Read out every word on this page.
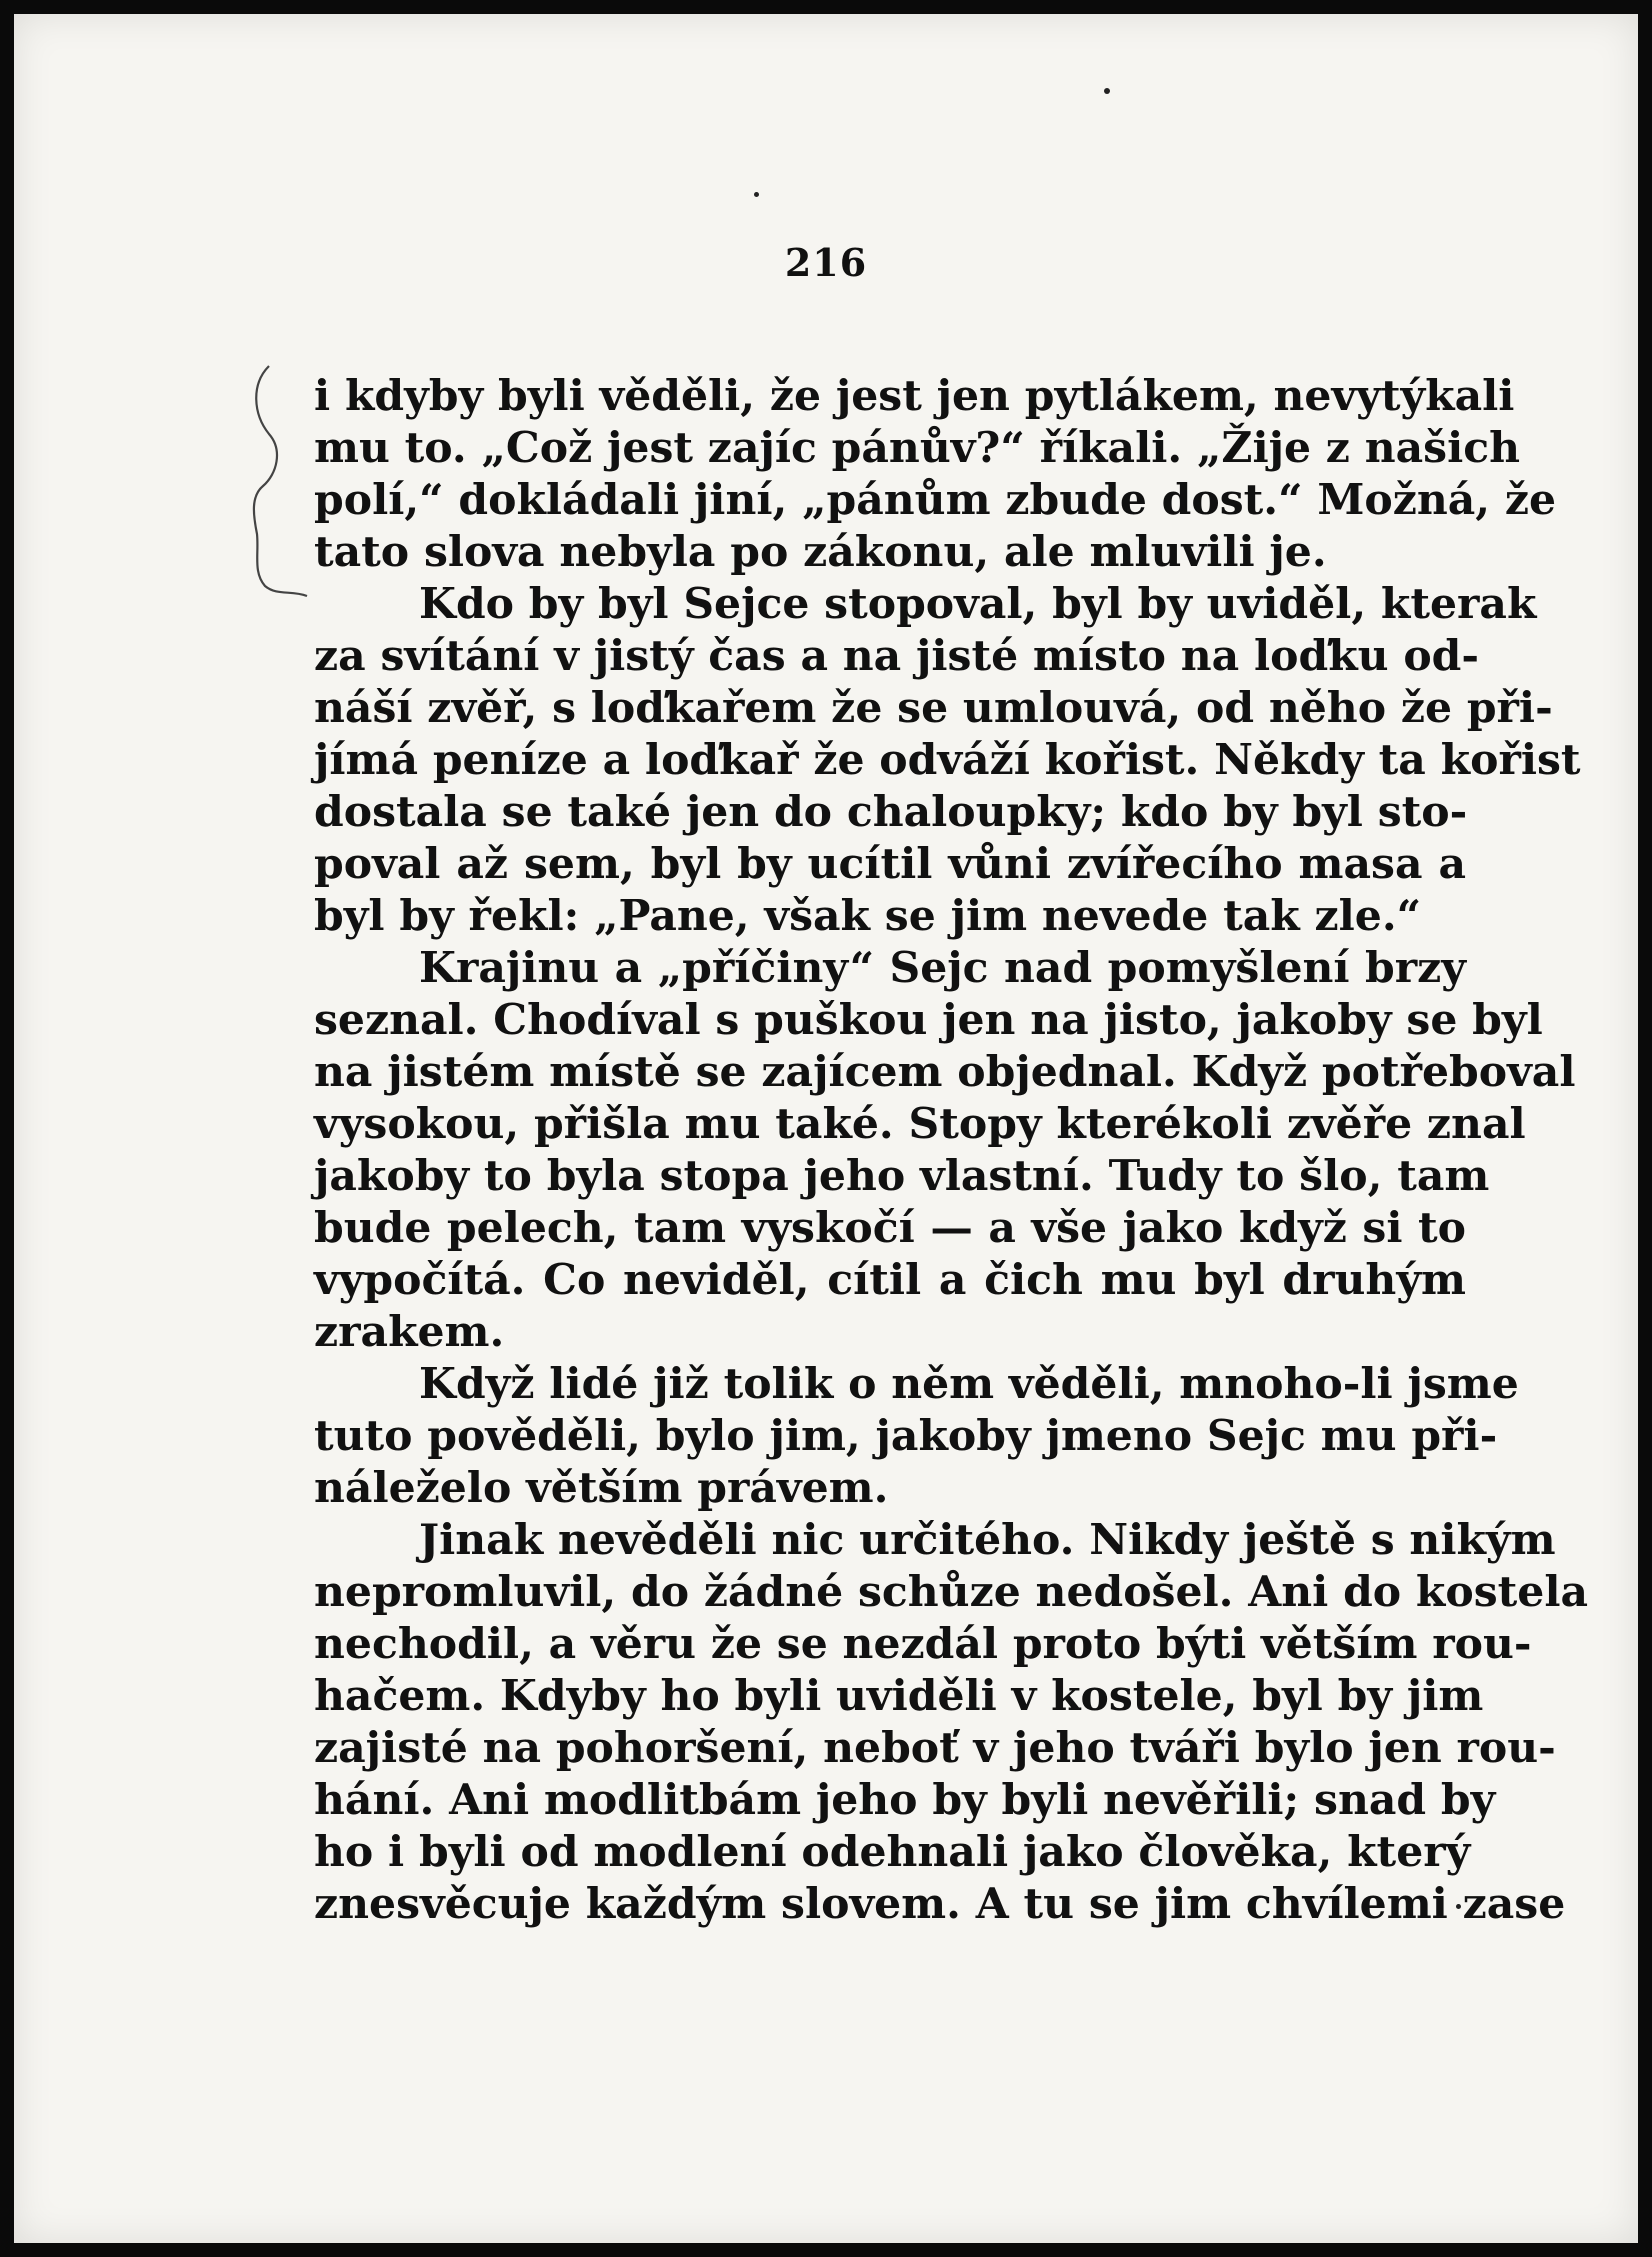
216
i kdyby byli věděli, že jest jen pytlákem, nevytýkali
mu to. „Což jest zajíc pánův?“ říkali. „Žije z našich
polí,“ dokládali jiní, „pánům zbude dost.“ Možná, že
tato slova nebyla po zákonu, ale mluvili je.
Kdo by byl Sejce stopoval, byl by uviděl, kterak
za svítání v jistý čas a na jisté místo na loďku od-
náší zvěř, s loďkařem že se umlouvá, od něho že při-
jímá peníze a loďkař že odváží kořist. Někdy ta kořist
dostala se také jen do chaloupky; kdo by byl sto-
poval až sem, byl by ucítil vůni zvířecího masa a
byl by řekl: „Pane, však se jim nevede tak zle.“
Krajinu a „příčiny“ Sejc nad pomyšlení brzy
seznal. Chodíval s puškou jen na jisto, jakoby se byl
na jistém místě se zajícem objednal. Když potřeboval
vysokou, přišla mu také. Stopy kterékoli zvěře znal
jakoby to byla stopa jeho vlastní. Tudy to šlo, tam
bude pelech, tam vyskočí — a vše jako když si to
vypočítá. Co neviděl, cítil a čich mu byl druhým
zrakem.
Když lidé již tolik o něm věděli, mnoho-li jsme
tuto pověděli, bylo jim, jakoby jmeno Sejc mu při-
náleželo větším právem.
Jinak nevěděli nic určitého. Nikdy ještě s nikým
nepromluvil, do žádné schůze nedošel. Ani do kostela
nechodil, a věru že se nezdál proto býti větším rou-
hačem. Kdyby ho byli uviděli v kostele, byl by jim
zajisté na pohoršení, neboť v jeho tváři bylo jen rou-
hání. Ani modlitbám jeho by byli nevěřili; snad by
ho i byli od modlení odehnali jako člověka, který
znesvěcuje každým slovem. A tu se jim chvílemi zase
